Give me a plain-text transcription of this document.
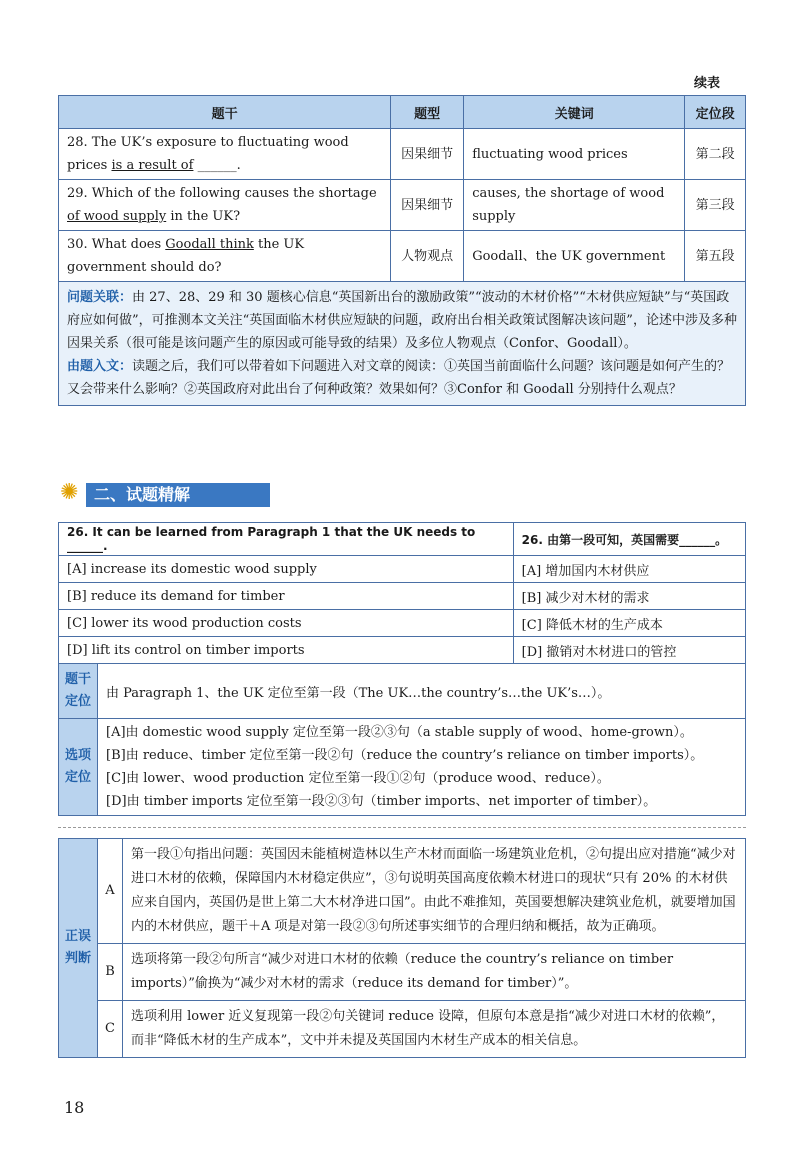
续表
题干	题型	关键词	定位段
28. The UK’s exposure to fluctuating wood prices is a result of ______.	因果细节	fluctuating wood prices	第二段
29. Which of the following causes the shortage of wood supply in the UK?	因果细节	causes, the shortage of wood supply	第三段
30. What does Goodall think the UK government should do?	人物观点	Goodall、the UK government	第五段

问题关联：由 27、28、29 和 30 题核心信息“英国新出台的激励政策”“波动的木材价格”“木材供应短缺”与“英国政府应如何做”，可推测本文关注“英国面临木材供应短缺的问题，政府出台相关政策试图解决该问题”，论述中涉及多种因果关系（很可能是该问题产生的原因或可能导致的结果）及多位人物观点（Confor、Goodall）。
由题入文：读题之后，我们可以带着如下问题进入对文章的阅读：①英国当前面临什么问题？该问题是如何产生的？又会带来什么影响？②英国政府对此出台了何种政策？效果如何？③Confor 和 Goodall 分别持什么观点？			
✺ 二、试题精解
26. It can be learned from Paragraph 1 that the UK needs to ______.		26. 由第一段可知，英国需要______。
[A] increase its domestic wood supply		[A] 增加国内木材供应
[B] reduce its demand for timber		[B] 减少对木材的需求
[C] lower its wood production costs		[C] 降低木材的生产成本
[D] lift its control on timber imports		[D] 撤销对木材进口的管控
题干定位	由 Paragraph 1、the UK 定位至第一段（The UK…the country’s…the UK’s…）。	
选项定位	[A]由 domestic wood supply 定位至第一段②③句（a stable supply of wood、home-grown）。
[B]由 reduce、timber 定位至第一段②句（reduce the country’s reliance on timber imports）。
[C]由 lower、wood production 定位至第一段①②句（produce wood、reduce）。
[D]由 timber imports 定位至第一段②③句（timber imports、net importer of timber）。	
正误判断	A	第一段①句指出问题：英国因未能植树造林以生产木材而面临一场建筑业危机，②句提出应对措施“减少对进口木材的依赖，保障国内木材稳定供应”，③句说明英国高度依赖木材进口的现状“只有 20% 的木材供应来自国内，英国仍是世上第二大木材净进口国”。由此不难推知，英国要想解决建筑业危机，就要增加国内的木材供应，题干＋A 项是对第一段②③句所述事实细节的合理归纳和概括，故为正确项。
	B	选项将第一段②句所言“减少对进口木材的依赖（reduce the country’s reliance on timber imports）”偷换为“减少对木材的需求（reduce its demand for timber）”。
	C	选项利用 lower 近义复现第一段②句关键词 reduce 设障，但原句本意是指“减少对进口木材的依赖”，而非“降低木材的生产成本”，文中并未提及英国国内木材生产成本的相关信息。
18
